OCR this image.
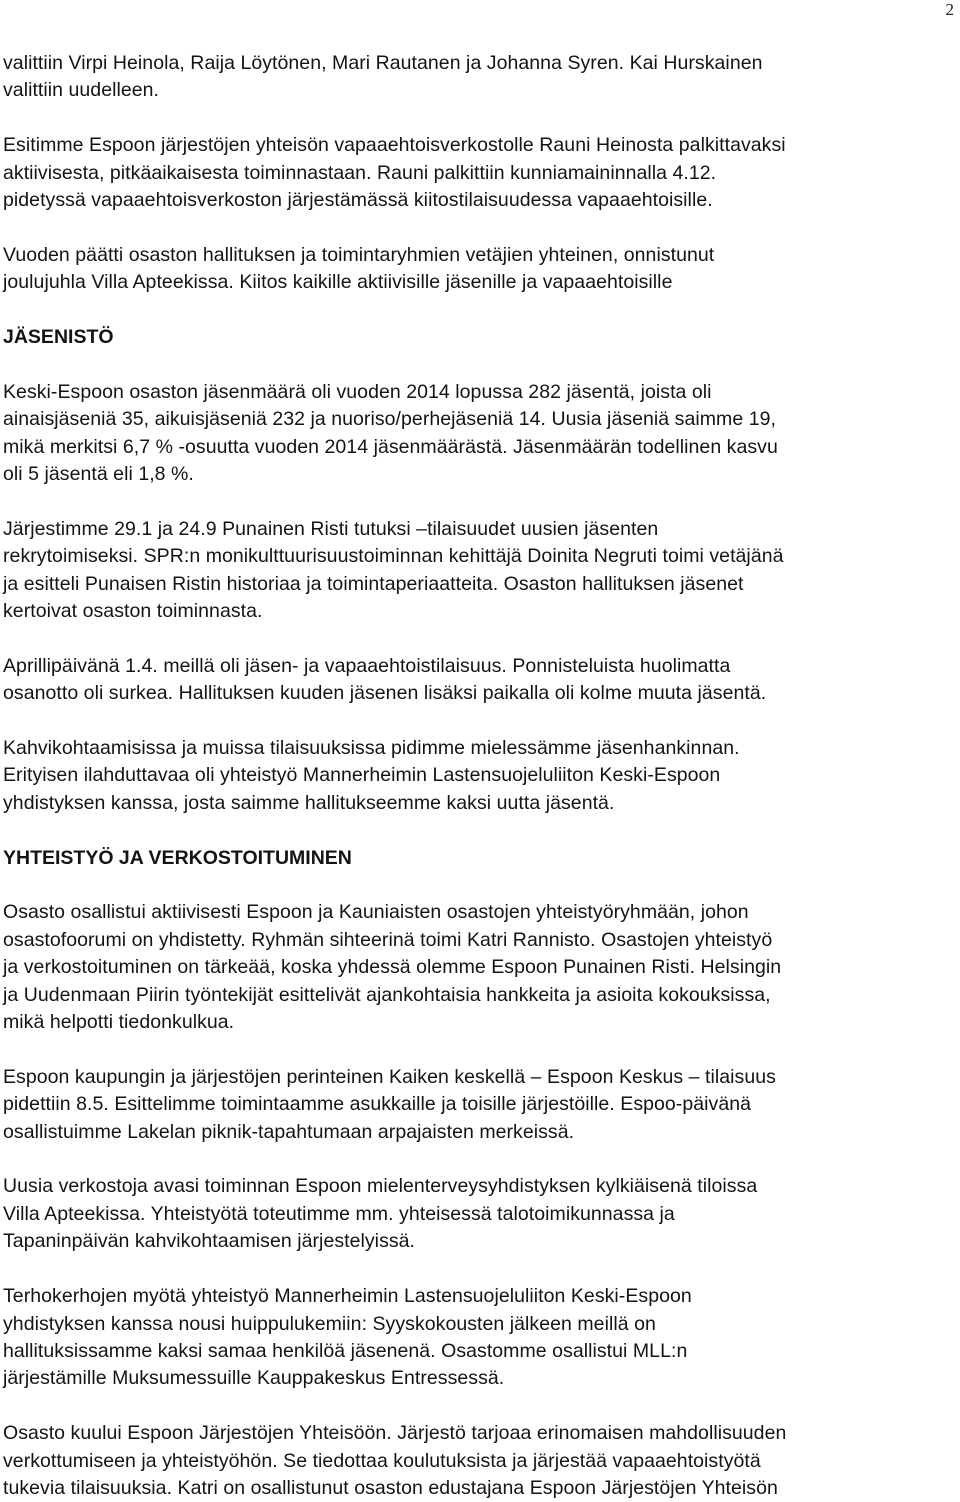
2

valittiin Virpi Heinola, Raija Löytönen, Mari Rautanen ja Johanna Syren. Kai Hurskainen
valittiin uudelleen.

Esitimme Espoon järjestöjen yhteisön vapaaehtoisverkostolle Rauni Heinosta palkittavaksi
aktiivisesta, pitkäaikaisesta toiminnastaan. Rauni palkittiin kunniamaininnalla 4.12.
pidetyssä vapaaehtoisverkoston järjestämässä kiitostilaisuudessa vapaaehtoisille.

Vuoden päätti osaston hallituksen ja toimintaryhmien vetäjien yhteinen, onnistunut
joulujuhla Villa Apteekissa. Kiitos kaikille aktiivisille jäsenille ja vapaaehtoisille

JÄSENISTÖ

Keski-Espoon osaston jäsenmäärä oli vuoden 2014 lopussa 282 jäsentä, joista oli
ainaisjäseniä 35, aikuisjäseniä 232 ja nuoriso/perhejäseniä 14. Uusia jäseniä saimme 19,
mikä merkitsi 6,7 % -osuutta vuoden 2014 jäsenmäärästä. Jäsenmäärän todellinen kasvu
oli 5 jäsentä eli 1,8 %.

Järjestimme 29.1 ja 24.9 Punainen Risti tutuksi –tilaisuudet uusien jäsenten
rekrytoimiseksi. SPR:n monikulttuurisuustoiminnan kehittäjä Doinita Negruti toimi vetäjänä
ja esitteli Punaisen Ristin historiaa ja toimintaperiaatteita. Osaston hallituksen jäsenet
kertoivat osaston toiminnasta.

Aprillipäivänä 1.4. meillä oli jäsen- ja vapaaehtoistilaisuus. Ponnisteluista huolimatta
osanotto oli surkea. Hallituksen kuuden jäsenen lisäksi paikalla oli kolme muuta jäsentä.

Kahvikohtaamisissa ja muissa tilaisuuksissa pidimme mielessämme jäsenhankinnan.
Erityisen ilahduttavaa oli yhteistyö Mannerheimin Lastensuojeluliiton Keski-Espoon
yhdistyksen kanssa, josta saimme hallitukseemme kaksi uutta jäsentä.

YHTEISTYÖ JA VERKOSTOITUMINEN

Osasto osallistui aktiivisesti Espoon ja Kauniaisten osastojen yhteistyöryhmään, johon
osastofoorumi on yhdistetty. Ryhmän sihteerinä toimi Katri Rannisto. Osastojen yhteistyö
ja verkostoituminen on tärkeää, koska yhdessä olemme Espoon Punainen Risti. Helsingin
ja Uudenmaan Piirin työntekijät esittelivät ajankohtaisia hankkeita ja asioita kokouksissa,
mikä helpotti tiedonkulkua.

Espoon kaupungin ja järjestöjen perinteinen Kaiken keskellä – Espoon Keskus – tilaisuus
pidettiin 8.5. Esittelimme toimintaamme asukkaille ja toisille järjestöille. Espoo-päivänä
osallistuimme Lakelan piknik-tapahtumaan arpajaisten merkeissä.

Uusia verkostoja avasi toiminnan Espoon mielenterveysyhdistyksen kylkiäisenä tiloissa
Villa Apteekissa. Yhteistyötä toteutimme mm. yhteisessä talotoimikunnassa ja
Tapaninpäivän kahvikohtaamisen järjestelyissä.

Terhokerhojen myötä yhteistyö Mannerheimin Lastensuojeluliiton Keski-Espoon
yhdistyksen kanssa nousi huippulukemiin: Syyskokousten jälkeen meillä on
hallituksissamme kaksi samaa henkilöä jäsenenä. Osastomme osallistui MLL:n
järjestämille Muksumessuille Kauppakeskus Entressessä.

Osasto kuului Espoon Järjestöjen Yhteisöön. Järjestö tarjoaa erinomaisen mahdollisuuden
verkottumiseen ja yhteistyöhön. Se tiedottaa koulutuksista ja järjestää vapaaehtoistyötä
tukevia tilaisuuksia. Katri on osallistunut osaston edustajana Espoon Järjestöjen Yhteisön
